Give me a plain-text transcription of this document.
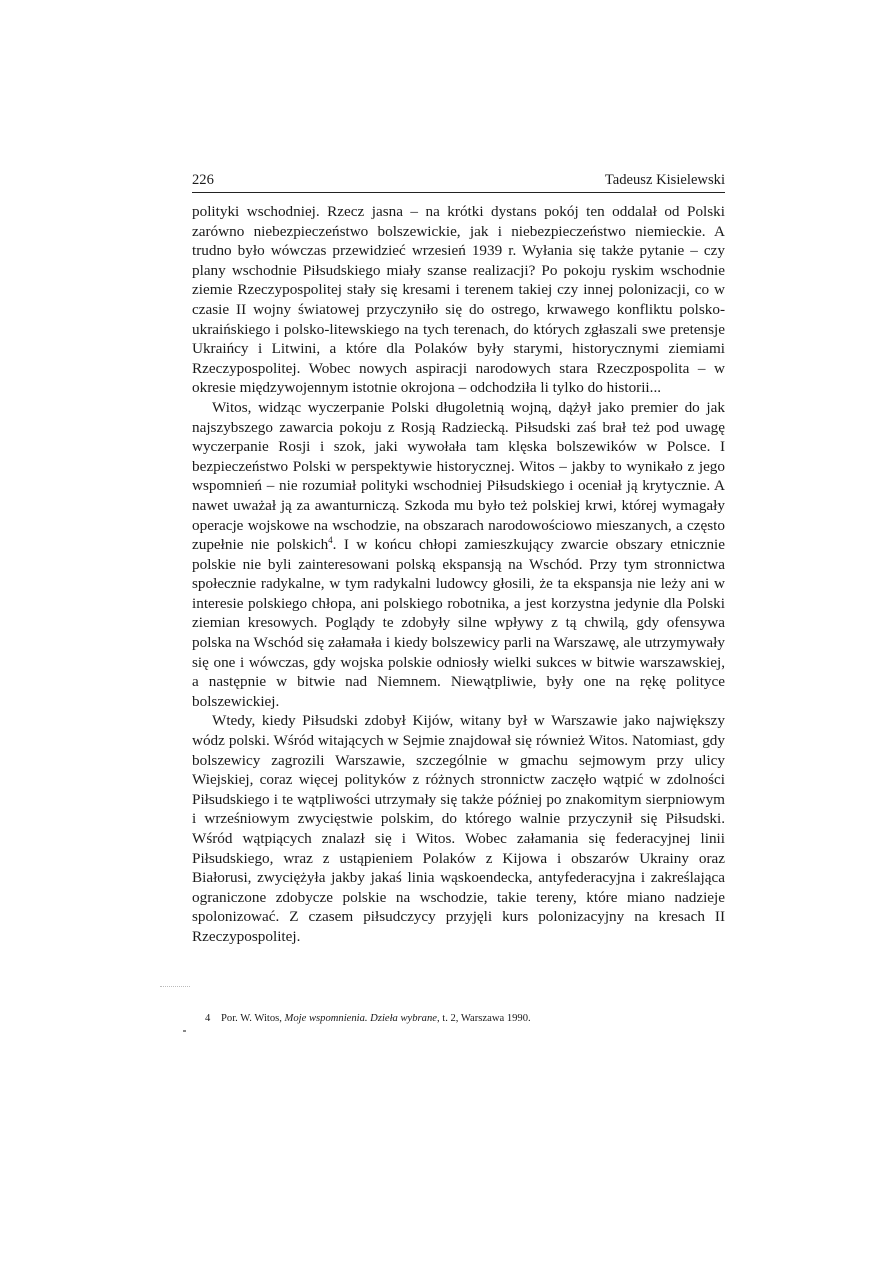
226	Tadeusz Kisielewski

polityki wschodniej. Rzecz jasna – na krótki dystans pokój ten oddalał od Polski zarówno niebezpieczeństwo bolszewickie, jak i niebezpieczeństwo niemieckie. A trudno było wówczas przewidzieć wrzesień 1939 r. Wyłania się także pytanie – czy plany wschodnie Piłsudskiego miały szanse realizacji? Po pokoju ryskim wschodnie ziemie Rzeczypospolitej stały się kresami i terenem takiej czy innej polonizacji, co w czasie II wojny światowej przyczyniło się do ostrego, krwawego konfliktu polsko-ukraińskiego i polsko-litewskiego na tych terenach, do których zgłaszali swe pretensje Ukraińcy i Litwini, a które dla Polaków były starymi, historycznymi ziemiami Rzeczypospolitej. Wobec nowych aspiracji narodowych stara Rzeczpospolita – w okresie międzywojennym istotnie okrojona – odchodziła li tylko do historii...

Witos, widząc wyczerpanie Polski długoletnią wojną, dążył jako premier do jak najszybszego zawarcia pokoju z Rosją Radziecką. Piłsudski zaś brał też pod uwagę wyczerpanie Rosji i szok, jaki wywołała tam klęska bolszewików w Polsce. I bezpieczeństwo Polski w perspektywie historycznej. Witos – jakby to wynikało z jego wspomnień – nie rozumiał polityki wschodniej Piłsudskiego i oceniał ją krytycznie. A nawet uważał ją za awanturniczą. Szkoda mu było też polskiej krwi, której wymagały operacje wojskowe na wschodzie, na obszarach narodowościowo mieszanych, a często zupełnie nie polskich$^4$. I w końcu chłopi zamieszkujący zwarcie obszary etnicznie polskie nie byli zainteresowani polską ekspansją na Wschód. Przy tym stronnictwa społecznie radykalne, w tym radykalni ludowcy głosili, że ta ekspansja nie leży ani w interesie polskiego chłopa, ani polskiego robotnika, a jest korzystna jedynie dla Polski ziemian kresowych. Poglądy te zdobyły silne wpływy z tą chwilą, gdy ofensywa polska na Wschód się załamała i kiedy bolszewicy parli na Warszawę, ale utrzymywały się one i wówczas, gdy wojska polskie odniosły wielki sukces w bitwie warszawskiej, a następnie w bitwie nad Niemnem. Niewątpliwie, były one na rękę polityce bolszewickiej.

Wtedy, kiedy Piłsudski zdobył Kijów, witany był w Warszawie jako największy wódz polski. Wśród witających w Sejmie znajdował się również Witos. Natomiast, gdy bolszewicy zagrozili Warszawie, szczególnie w gmachu sejmowym przy ulicy Wiejskiej, coraz więcej polityków z różnych stronnictw zaczęło wątpić w zdolności Piłsudskiego i te wątpliwości utrzymały się także później po znakomitym sierpniowym i wrześniowym zwycięstwie polskim, do którego walnie przyczynił się Piłsudski. Wśród wątpiących znalazł się i Witos. Wobec załamania się federacyjnej linii Piłsudskiego, wraz z ustąpieniem Polaków z Kijowa i obszarów Ukrainy oraz Białorusi, zwyciężyła jakby jakaś linia wąskoendecka, antyfederacyjna i zakreślająca ograniczone zdobycze polskie na wschodzie, takie tereny, które miano nadzieje spolonizować. Z czasem piłsudczycy przyjęli kurs polonizacyjny na kresach II Rzeczypospolitej.

4 Por. W. Witos, Moje wspomnienia. Dzieła wybrane, t. 2, Warszawa 1990.
